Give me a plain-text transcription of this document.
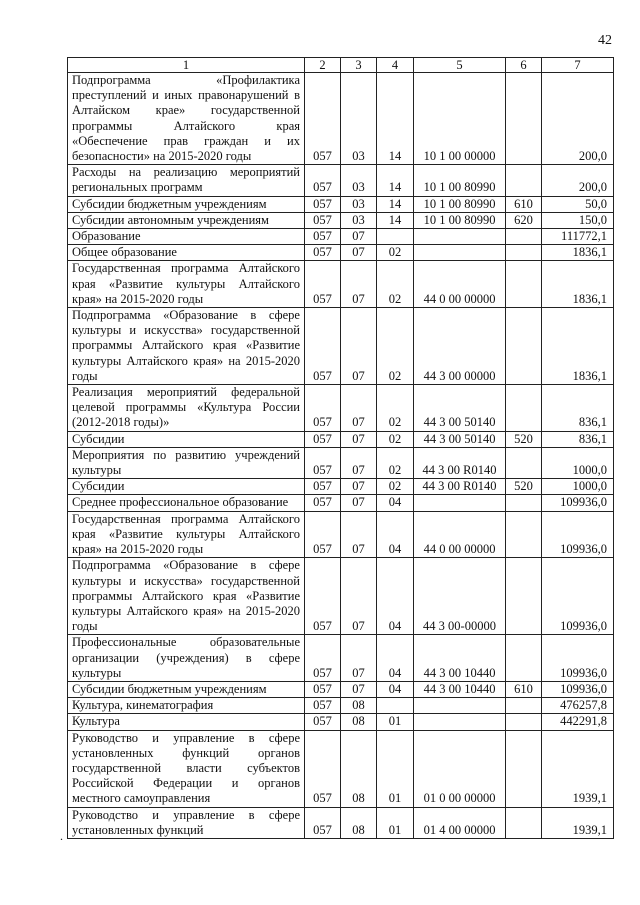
42
1	2	3	4	5	6	7
Подпрограмма «Профилактика преступлений и иных правонарушений в Алтайском крае» государственной программы Алтайского края «Обеспечение прав граждан и их безопасности» на 2015-2020 годы	057	03	14	10 1 00 00000		200,0
Расходы на реализацию мероприятий региональных программ	057	03	14	10 1 00 80990		200,0
Субсидии бюджетным учреждениям	057	03	14	10 1 00 80990	610	50,0
Субсидии автономным учреждениям	057	03	14	10 1 00 80990	620	150,0
Образование	057	07				111772,1
Общее образование	057	07	02			1836,1
Государственная программа Алтайского края «Развитие культуры Алтайского края» на 2015-2020 годы	057	07	02	44 0 00 00000		1836,1
Подпрограмма «Образование в сфере культуры и искусства» государственной программы Алтайского края «Развитие культуры Алтайского края» на 2015-2020 годы	057	07	02	44 3 00 00000		1836,1
Реализация мероприятий федеральной целевой программы «Культура России (2012-2018 годы)»	057	07	02	44 3 00 50140		836,1
Субсидии	057	07	02	44 3 00 50140	520	836,1
Мероприятия по развитию учреждений культуры	057	07	02	44 3 00 R0140		1000,0
Субсидии	057	07	02	44 3 00 R0140	520	1000,0
Среднее профессиональное образование	057	07	04			109936,0
Государственная программа Алтайского края «Развитие культуры Алтайского края» на 2015-2020 годы	057	07	04	44 0 00 00000		109936,0
Подпрограмма «Образование в сфере культуры и искусства» государственной программы Алтайского края «Развитие культуры Алтайского края» на 2015-2020 годы	057	07	04	44 3 00-00000		109936,0
Профессиональные образовательные организации (учреждения) в сфере культуры	057	07	04	44 3 00 10440		109936,0
Субсидии бюджетным учреждениям	057	07	04	44 3 00 10440	610	109936,0
Культура, кинематография	057	08				476257,8
Культура	057	08	01			442291,8
Руководство и управление в сфере установленных функций органов государственной власти субъектов Российской Федерации и органов местного самоуправления	057	08	01	01 0 00 00000		1939,1
Руководство и управление в сфере установленных функций	057	08	01	01 4 00 00000		1939,1
.
